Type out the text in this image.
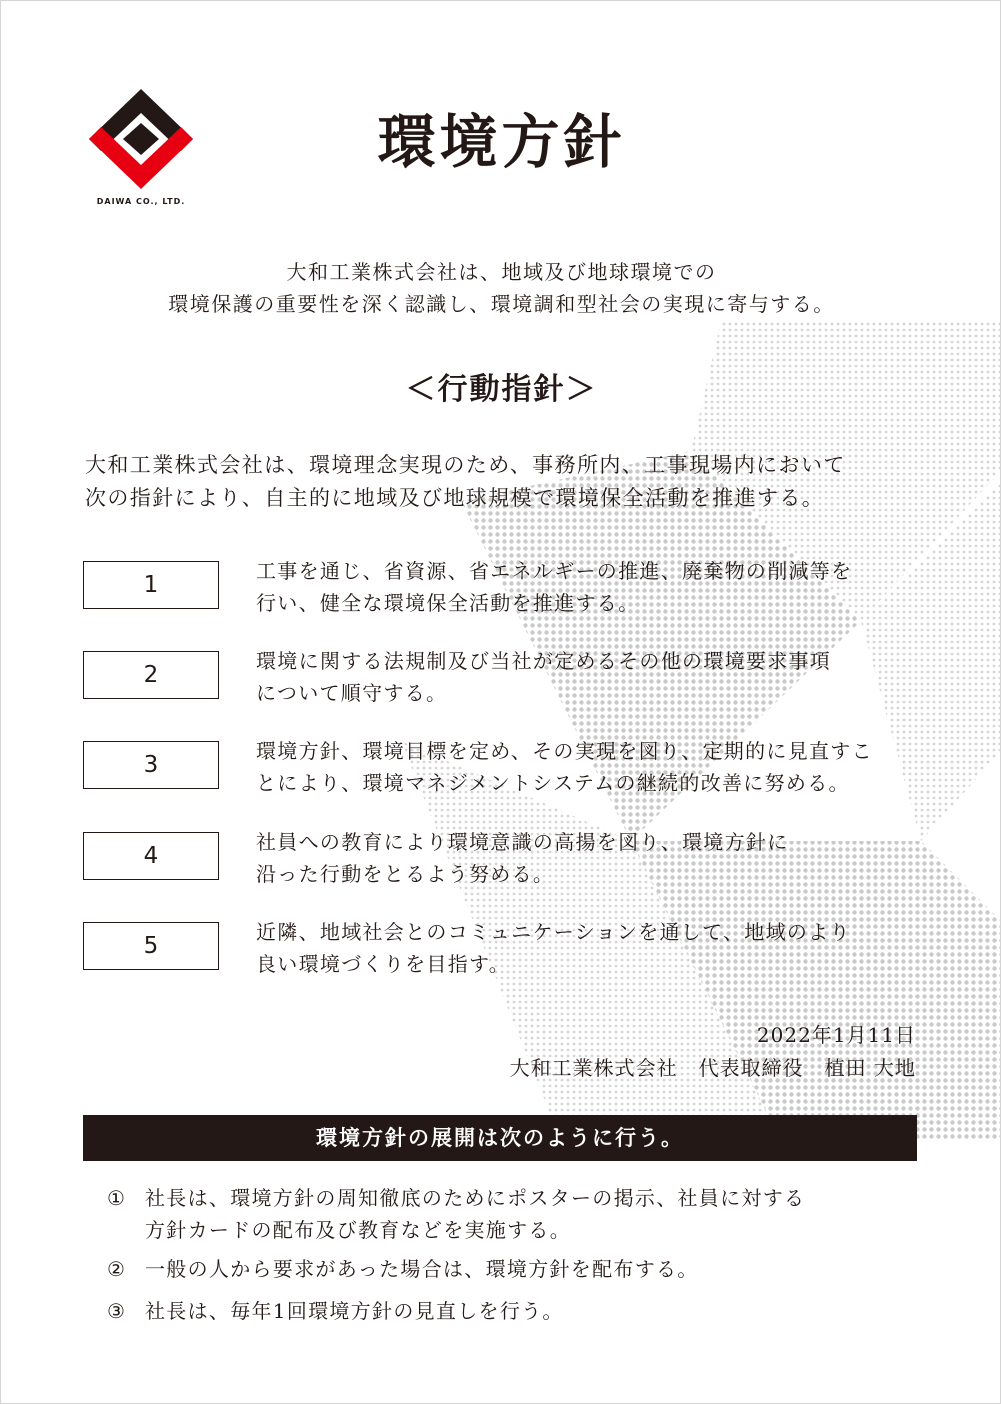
DAIWA CO., LTD.
環境方針
大和工業株式会社は、地域及び地球環境での
環境保護の重要性を深く認識し、環境調和型社会の実現に寄与する。
＜行動指針＞
大和工業株式会社は、環境理念実現のため、事務所内、工事現場内において
次の指針により、自主的に地域及び地球規模で環境保全活動を推進する。
1
工事を通じ、省資源、省エネルギーの推進、廃棄物の削減等を
行い、健全な環境保全活動を推進する。
2
環境に関する法規制及び当社が定めるその他の環境要求事項
について順守する。
3
環境方針、環境目標を定め、その実現を図り、定期的に見直すこ
とにより、環境マネジメントシステムの継続的改善に努める。
4
社員への教育により環境意識の高揚を図り、環境方針に
沿った行動をとるよう努める。
5
近隣、地域社会とのコミュニケーションを通して、地域のより
良い環境づくりを目指す。
2022年1月11日
大和工業株式会社　代表取締役　植田 大地
環境方針の展開は次のように行う。
① 社長は、環境方針の周知徹底のためにポスターの掲示、社員に対する
方針カードの配布及び教育などを実施する。
② 一般の人から要求があった場合は、環境方針を配布する。
③ 社長は、毎年1回環境方針の見直しを行う。
